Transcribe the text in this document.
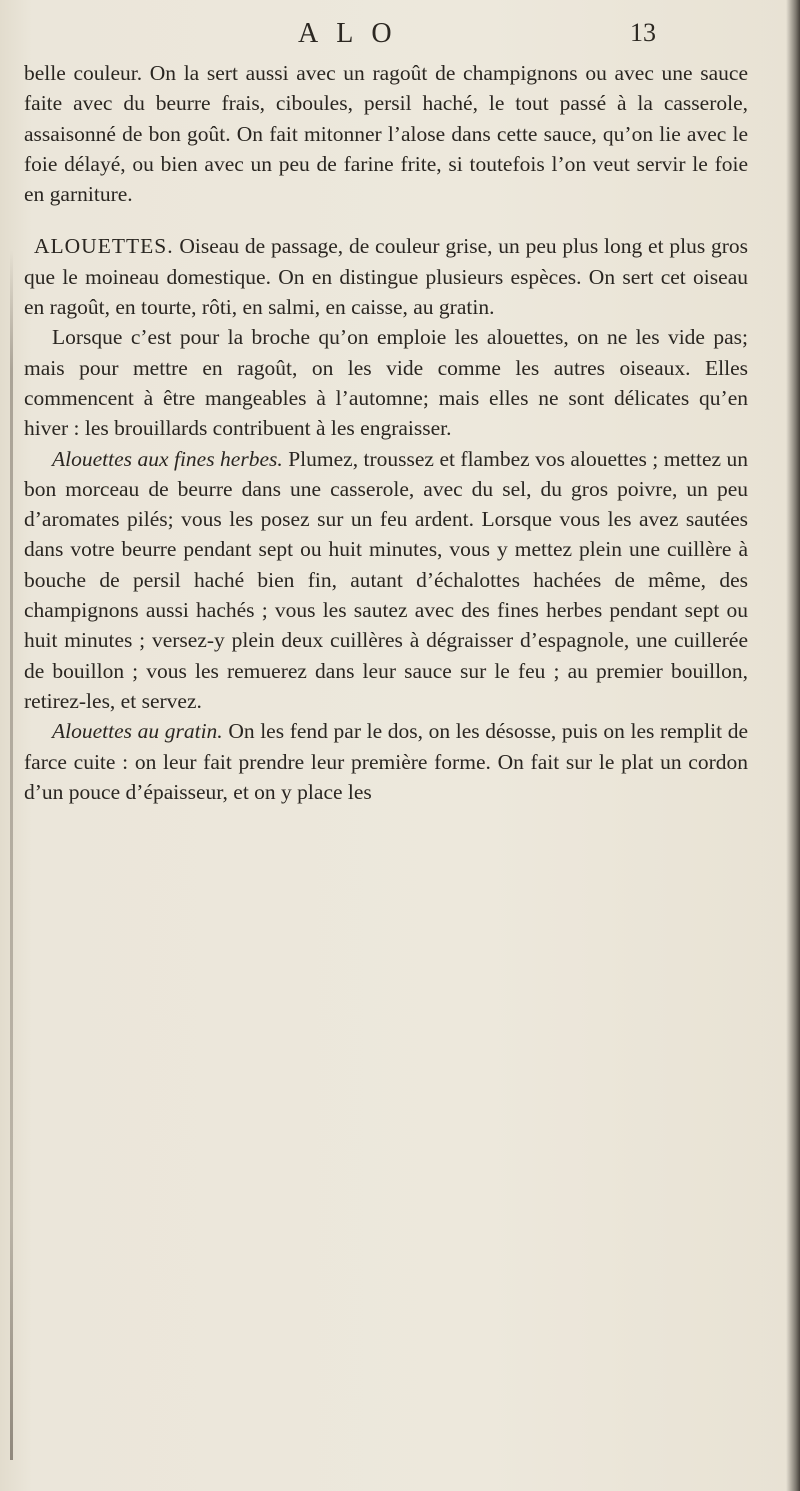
ALO	13

belle couleur. On la sert aussi avec un ragoût de champignons ou avec une sauce faite avec du beurre frais, ciboules, persil haché, le tout passé à la casserole, assaisonné de bon goût. On fait mitonner l’alose dans cette sauce, qu’on lie avec le foie délayé, ou bien avec un peu de farine frite, si toutefois l’on veut servir le foie en garniture.

ALOUETTES. Oiseau de passage, de couleur grise, un peu plus long et plus gros que le moineau domestique. On en distingue plusieurs espèces. On sert cet oiseau en ragoût, en tourte, rôti, en salmi, en caisse, au gratin.

Lorsque c’est pour la broche qu’on emploie les alouettes, on ne les vide pas; mais pour mettre en ragoût, on les vide comme les autres oiseaux. Elles commencent à être mangeables à l’automne; mais elles ne sont délicates qu’en hiver : les brouillards contribuent à les engraisser.

Alouettes aux fines herbes. Plumez, troussez et flambez vos alouettes ; mettez un bon morceau de beurre dans une casserole, avec du sel, du gros poivre, un peu d’aromates pilés; vous les posez sur un feu ardent. Lorsque vous les avez sautées dans votre beurre pendant sept ou huit minutes, vous y mettez plein une cuillère à bouche de persil haché bien fin, autant d’échalottes hachées de même, des champignons aussi hachés ; vous les sautez avec des fines herbes pendant sept ou huit minutes ; versez-y plein deux cuillères à dégraisser d’espagnole, une cuillerée de bouillon ; vous les remuerez dans leur sauce sur le feu ; au premier bouillon, retirez-les, et servez.

Alouettes au gratin. On les fend par le dos, on les désosse, puis on les remplit de farce cuite : on leur fait prendre leur première forme. On fait sur le plat un cordon d’un pouce d’épaisseur, et on y place les
